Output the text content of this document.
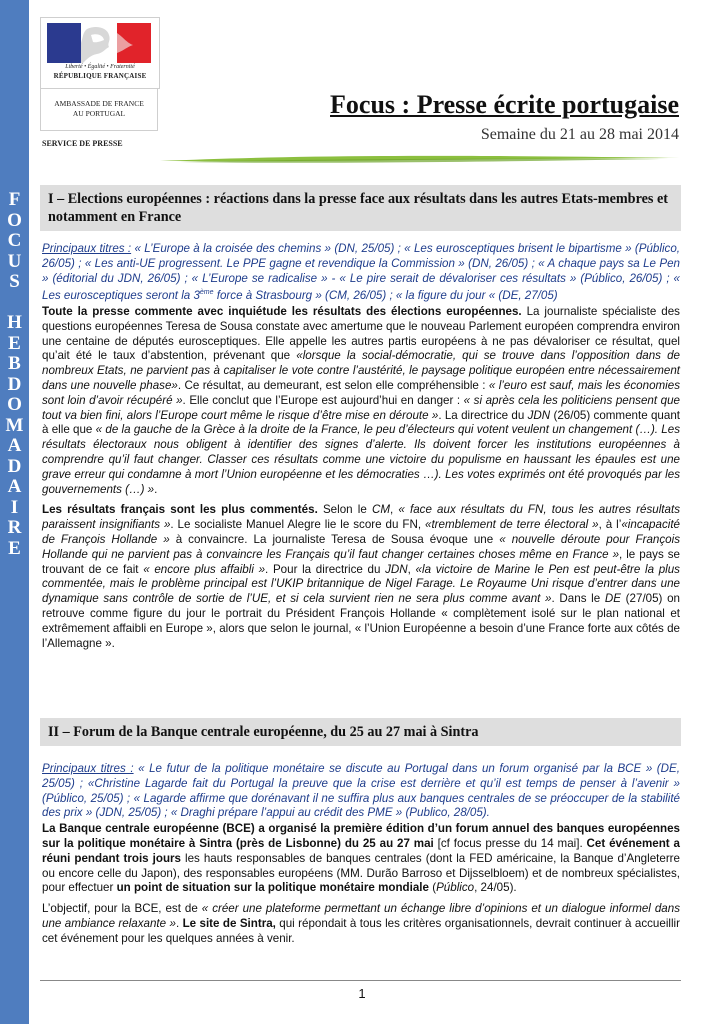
F
O
C
U
S

H
E
B
D
O
M
A
D
A
I
R
E
Liberté • Égalité • Fraternité
RÉPUBLIQUE FRANÇAISE
AMBASSADE DE FRANCE
AU PORTUGAL
SERVICE DE PRESSE
Focus : Presse écrite portugaise
Semaine du 21 au 28 mai 2014
I – Elections européennes : réactions dans la presse face aux résultats dans les autres Etats-membres et notamment en France

Principaux titres : « L’Europe à la croisée des chemins » (DN, 25/05) ; « Les eurosceptiques brisent le bipartisme » (Público, 26/05) ; « Les anti-UE progressent. Le PPE gagne et revendique la Commission » (DN, 26/05) ; « A chaque pays sa Le Pen » (éditorial du JDN, 26/05) ; « L’Europe se radicalise » - « Le pire serait de dévaloriser ces résultats » (Público, 26/05) ; « Les eurosceptiques seront la 3ème force à Strasbourg » (CM, 26/05) ; « la figure du jour « (DE, 27/05)

Toute la presse commente avec inquiétude les résultats des élections européennes. La journaliste spécialiste des questions européennes Teresa de Sousa constate avec amertume que le nouveau Parlement européen comprendra environ une centaine de députés eurosceptiques. Elle appelle les autres partis européens à ne pas dévaloriser ce résultat, quel qu’ait été le taux d’abstention, prévenant que «lorsque la social-démocratie, qui se trouve dans l’opposition dans de nombreux Etats, ne parvient pas à capitaliser le vote contre l’austérité, le paysage politique européen entre nécessairement dans une nouvelle phase». Ce résultat, au demeurant, est selon elle compréhensible : « l’euro est sauf, mais les économies sont loin d’avoir récupéré ». Elle conclut que l’Europe est aujourd’hui en danger : « si après cela les politiciens pensent que tout va bien fini, alors l’Europe court même le risque d’être mise en déroute ». La directrice du JDN (26/05) commente quant à elle que « de la gauche de la Grèce à la droite de la France, le peu d’électeurs qui votent veulent un changement (…). Les résultats électoraux nous obligent à identifier des signes d’alerte. Ils doivent forcer les institutions européennes à comprendre qu’il faut changer. Classer ces résultats comme une victoire du populisme en haussant les épaules est une grave erreur qui condamne à mort l’Union européenne et les démocraties …). Les votes exprimés ont été provoqués par les gouvernements (…) ».

Les résultats français sont les plus commentés. Selon le CM, « face aux résultats du FN, tous les autres résultats paraissent insignifiants ». Le socialiste Manuel Alegre lie le score du FN, «tremblement de terre électoral », à l’«incapacité de François Hollande » à convaincre. La journaliste Teresa de Sousa évoque une « nouvelle déroute pour François Hollande qui ne parvient pas à convaincre les Français qu’il faut changer certaines choses même en France », le pays se trouvant de ce fait « encore plus affaibli ». Pour la directrice du JDN, «la victoire de Marine le Pen est peut-être la plus commentée, mais le problème principal est l’UKIP britannique de Nigel Farage. Le Royaume Uni risque d’entrer dans une dynamique sans contrôle de sortie de l’UE, et si cela survient rien ne sera plus comme avant ». Dans le DE (27/05) on retrouve comme figure du jour le portrait du Président François Hollande « complètement isolé sur le plan national et extrêmement affaibli en Europe », alors que selon le journal, « l’Union Européenne a besoin d’une France forte aux côtés de l’Allemagne ».

II – Forum de la Banque centrale européenne, du 25 au 27 mai à Sintra

Principaux titres : « Le futur de la politique monétaire se discute au Portugal dans un forum organisé par la BCE » (DE, 25/05) ; «Christine Lagarde fait du Portugal la preuve que la crise est derrière et qu’il est temps de penser à l’avenir » (Público, 25/05) ; « Lagarde affirme que dorénavant il ne suffira plus aux banques centrales de se préoccuper de la stabilité des prix » (JDN, 25/05) ; « Draghi prépare l’appui au crédit des PME » (Publico, 28/05).

La Banque centrale européenne (BCE) a organisé la première édition d’un forum annuel des banques européennes sur la politique monétaire à Sintra (près de Lisbonne) du 25 au 27 mai [cf focus presse du 14 mai]. Cet événement a réuni pendant trois jours les hauts responsables de banques centrales (dont la FED américaine, la Banque d’Angleterre ou encore celle du Japon), des responsables européens (MM. Durão Barroso et Dijsselbloem) et de nombreux spécialistes, pour effectuer un point de situation sur la politique monétaire mondiale (Público, 24/05).

L’objectif, pour la BCE, est de « créer une plateforme permettant un échange libre d’opinions et un dialogue informel dans une ambiance relaxante ». Le site de Sintra, qui répondait à tous les critères organisationnels, devrait continuer à accueillir cet événement pour les quelques années à venir.

1
